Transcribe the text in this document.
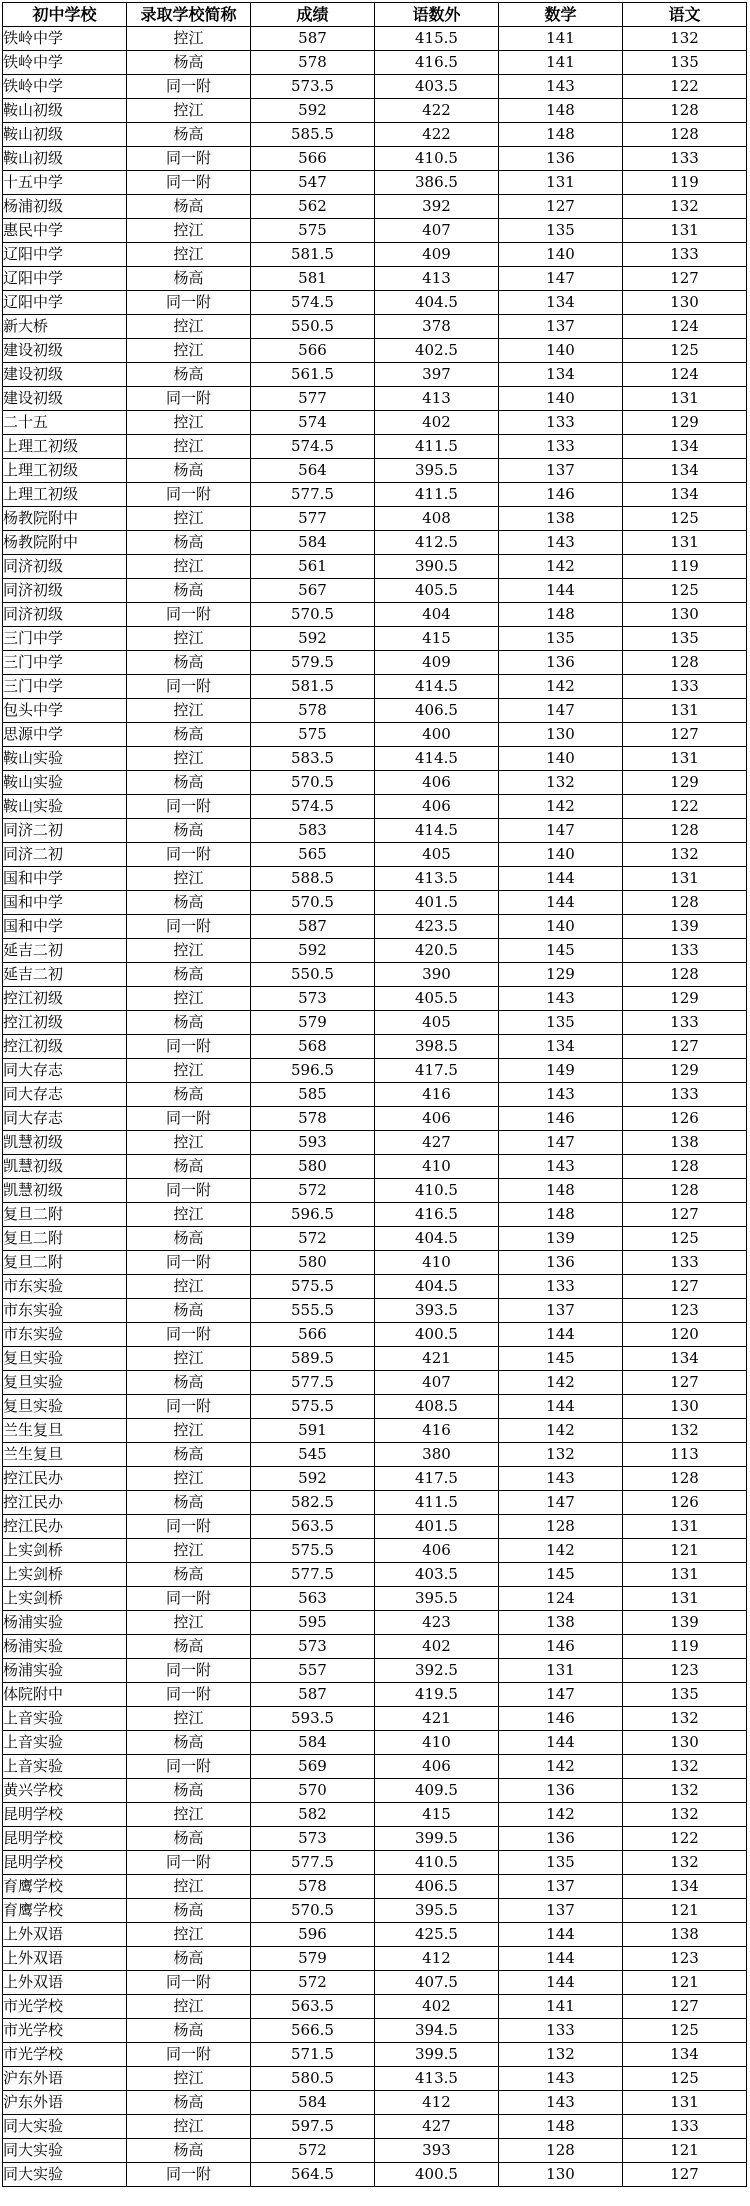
初中学校	录取学校简称	成绩	语数外	数学	语文
铁岭中学	控江	587	415.5	141	132
铁岭中学	杨高	578	416.5	141	135
铁岭中学	同一附	573.5	403.5	143	122
鞍山初级	控江	592	422	148	128
鞍山初级	杨高	585.5	422	148	128
鞍山初级	同一附	566	410.5	136	133
十五中学	同一附	547	386.5	131	119
杨浦初级	杨高	562	392	127	132
惠民中学	控江	575	407	135	131
辽阳中学	控江	581.5	409	140	133
辽阳中学	杨高	581	413	147	127
辽阳中学	同一附	574.5	404.5	134	130
新大桥	控江	550.5	378	137	124
建设初级	控江	566	402.5	140	125
建设初级	杨高	561.5	397	134	124
建设初级	同一附	577	413	140	131
二十五	控江	574	402	133	129
上理工初级	控江	574.5	411.5	133	134
上理工初级	杨高	564	395.5	137	134
上理工初级	同一附	577.5	411.5	146	134
杨教院附中	控江	577	408	138	125
杨教院附中	杨高	584	412.5	143	131
同济初级	控江	561	390.5	142	119
同济初级	杨高	567	405.5	144	125
同济初级	同一附	570.5	404	148	130
三门中学	控江	592	415	135	135
三门中学	杨高	579.5	409	136	128
三门中学	同一附	581.5	414.5	142	133
包头中学	控江	578	406.5	147	131
思源中学	杨高	575	400	130	127
鞍山实验	控江	583.5	414.5	140	131
鞍山实验	杨高	570.5	406	132	129
鞍山实验	同一附	574.5	406	142	122
同济二初	杨高	583	414.5	147	128
同济二初	同一附	565	405	140	132
国和中学	控江	588.5	413.5	144	131
国和中学	杨高	570.5	401.5	144	128
国和中学	同一附	587	423.5	140	139
延吉二初	控江	592	420.5	145	133
延吉二初	杨高	550.5	390	129	128
控江初级	控江	573	405.5	143	129
控江初级	杨高	579	405	135	133
控江初级	同一附	568	398.5	134	127
同大存志	控江	596.5	417.5	149	129
同大存志	杨高	585	416	143	133
同大存志	同一附	578	406	146	126
凯慧初级	控江	593	427	147	138
凯慧初级	杨高	580	410	143	128
凯慧初级	同一附	572	410.5	148	128
复旦二附	控江	596.5	416.5	148	127
复旦二附	杨高	572	404.5	139	125
复旦二附	同一附	580	410	136	133
市东实验	控江	575.5	404.5	133	127
市东实验	杨高	555.5	393.5	137	123
市东实验	同一附	566	400.5	144	120
复旦实验	控江	589.5	421	145	134
复旦实验	杨高	577.5	407	142	127
复旦实验	同一附	575.5	408.5	144	130
兰生复旦	控江	591	416	142	132
兰生复旦	杨高	545	380	132	113
控江民办	控江	592	417.5	143	128
控江民办	杨高	582.5	411.5	147	126
控江民办	同一附	563.5	401.5	128	131
上实剑桥	控江	575.5	406	142	121
上实剑桥	杨高	577.5	403.5	145	131
上实剑桥	同一附	563	395.5	124	131
杨浦实验	控江	595	423	138	139
杨浦实验	杨高	573	402	146	119
杨浦实验	同一附	557	392.5	131	123
体院附中	同一附	587	419.5	147	135
上音实验	控江	593.5	421	146	132
上音实验	杨高	584	410	144	130
上音实验	同一附	569	406	142	132
黄兴学校	杨高	570	409.5	136	132
昆明学校	控江	582	415	142	132
昆明学校	杨高	573	399.5	136	122
昆明学校	同一附	577.5	410.5	135	132
育鹰学校	控江	578	406.5	137	134
育鹰学校	杨高	570.5	395.5	137	121
上外双语	控江	596	425.5	144	138
上外双语	杨高	579	412	144	123
上外双语	同一附	572	407.5	144	121
市光学校	控江	563.5	402	141	127
市光学校	杨高	566.5	394.5	133	125
市光学校	同一附	571.5	399.5	132	134
沪东外语	控江	580.5	413.5	143	125
沪东外语	杨高	584	412	143	131
同大实验	控江	597.5	427	148	133
同大实验	杨高	572	393	128	121
同大实验	同一附	564.5	400.5	130	127
